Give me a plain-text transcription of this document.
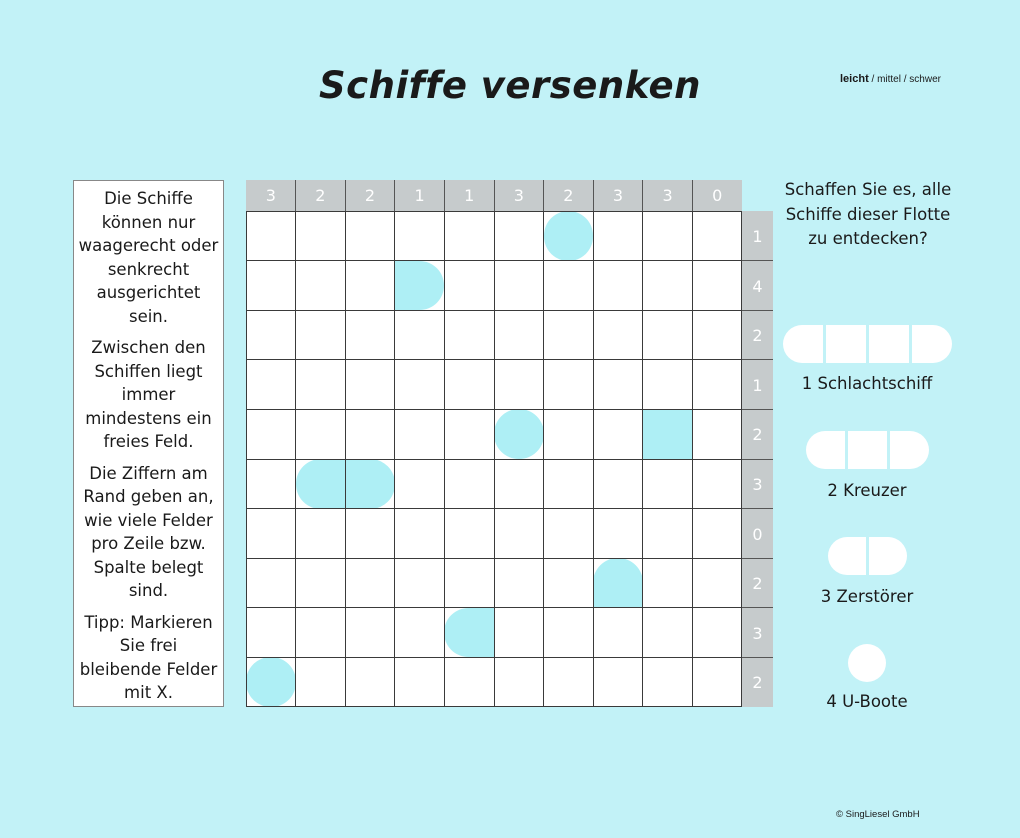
Schiffe versenken	leicht / mittel / schwer

Die Schiffe können nur waagerecht oder senkrecht ausgerichtet sein.

Zwischen den Schiffen liegt immer mindestens ein freies Feld.

Die Ziffern am Rand geben an, wie viele Felder pro Zeile bzw. Spalte belegt sind.

Tipp: Markieren Sie frei bleibende Felder mit X.

3	2	2	1	1	3	2	3	3	0
1
4
2
1
2
3
0
2
3
2
Schaffen Sie es, alle Schiffe dieser Flotte zu entdecken?
1 Schlachtschiff
2 Kreuzer
3 Zerstörer
4 U-Boote
© SingLiesel GmbH
